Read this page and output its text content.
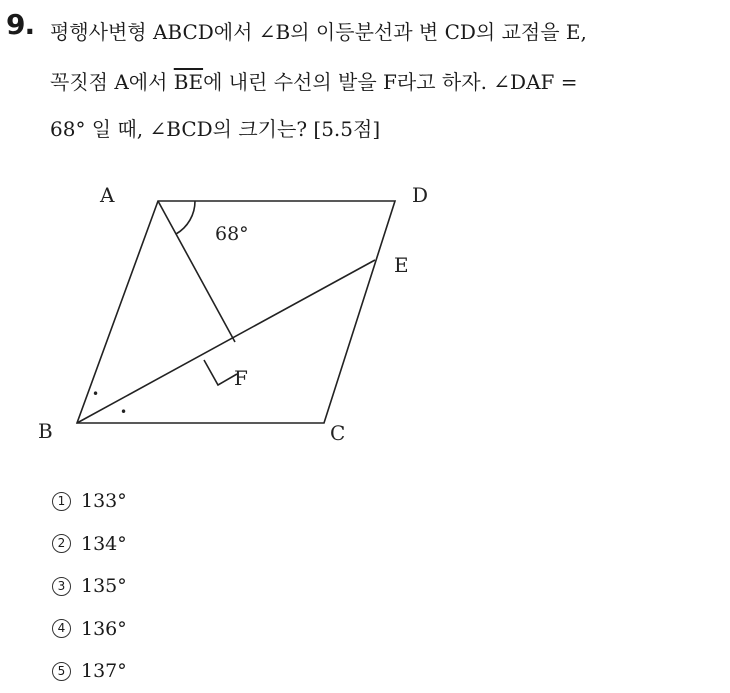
9. 평행사변형 ABCD에서 ∠B의 이등분선과 변 CD의 교점을 E,
꼭짓점 A에서 $\overline{BE}$에 내린 수선의 발을 F라고 하자. ∠DAF =
68° 일 때, ∠BCD의 크기는? [5.5점]
A	D
E
F
B	C
68°
•
•
1 133°
2 134°
3 135°
4 136°
5 137°
